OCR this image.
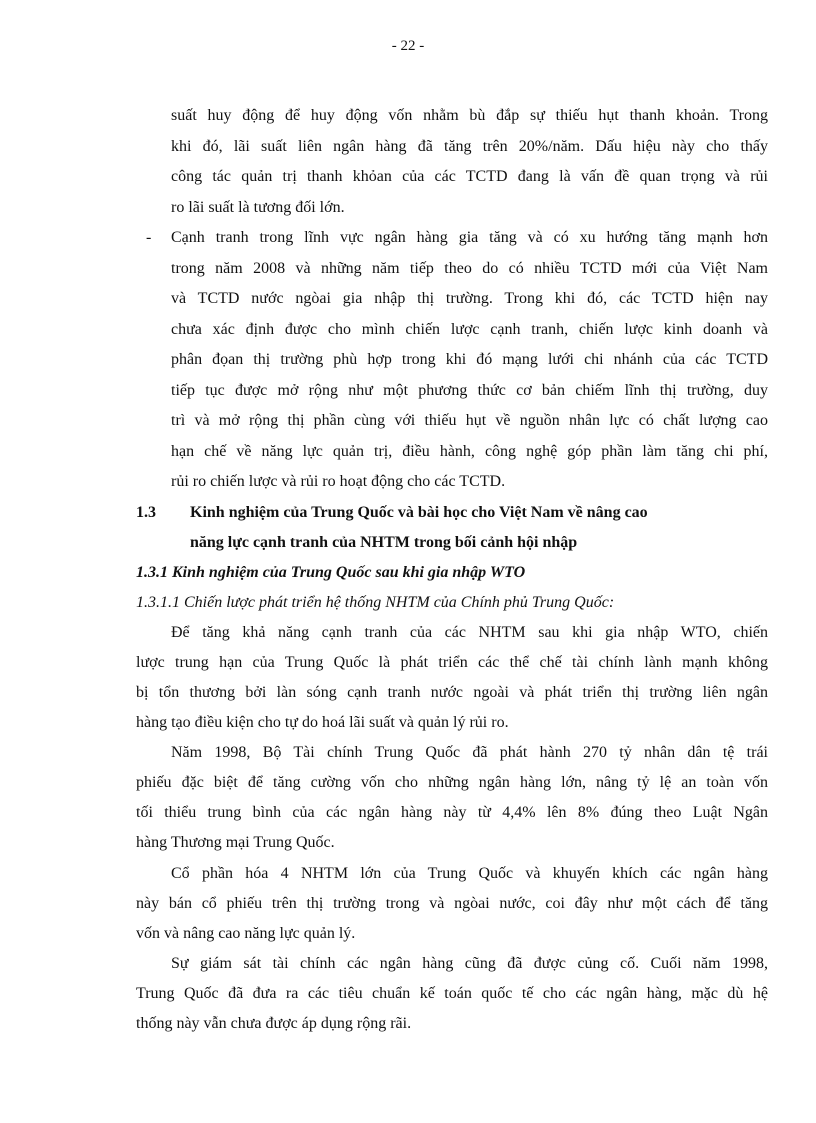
- 22 -

suất huy động để huy động vốn nhằm bù đắp sự thiếu hụt thanh khoản. Trong

khi đó, lãi suất liên ngân hàng đã tăng trên 20%/năm. Dấu hiệu này cho thấy

công tác quản trị thanh khỏan của các TCTD đang là vấn đề quan trọng và rủi

ro lãi suất là tương đối lớn.

- Cạnh tranh trong lĩnh vực ngân hàng gia tăng và có xu hướng tăng mạnh hơn

trong năm 2008 và những năm tiếp theo do có nhiều TCTD mới của Việt Nam

và TCTD nước ngòai gia nhập thị trường. Trong khi đó, các TCTD hiện nay

chưa xác định được cho mình chiến lược cạnh tranh, chiến lược kinh doanh và

phân đọan thị trường phù hợp trong khi đó mạng lưới chi nhánh của các TCTD

tiếp tục được mở rộng như một phương thức cơ bản chiếm lĩnh thị trường, duy

trì và mở rộng thị phần cùng với thiếu hụt về nguồn nhân lực có chất lượng cao

hạn chế về năng lực quản trị, điều hành, công nghệ góp phần làm tăng chi phí,

rủi ro chiến lược và rủi ro hoạt động cho các TCTD.

1.3 Kinh nghiệm của Trung Quốc và bài học cho Việt Nam về nâng cao

năng lực cạnh tranh của NHTM trong bối cảnh hội nhập

1.3.1 Kinh nghiệm của Trung Quốc sau khi gia nhập WTO

1.3.1.1 Chiến lược phát triển hệ thống NHTM của Chính phủ Trung Quốc:

Để tăng khả năng cạnh tranh của các NHTM sau khi gia nhập WTO, chiến

lược trung hạn của Trung Quốc là phát triển các thể chế tài chính lành mạnh không

bị tổn thương bởi làn sóng cạnh tranh nước ngoài và phát triển thị trường liên ngân

hàng tạo điều kiện cho tự do hoá lãi suất và quản lý rủi ro.

Năm 1998, Bộ Tài chính Trung Quốc đã phát hành 270 tỷ nhân dân tệ trái

phiếu đặc biệt để tăng cường vốn cho những ngân hàng lớn, nâng tỷ lệ an toàn vốn

tối thiểu trung bình của các ngân hàng này từ 4,4% lên 8% đúng theo Luật Ngân

hàng Thương mại Trung Quốc.

Cổ phần hóa 4 NHTM lớn của Trung Quốc và khuyến khích các ngân hàng

này bán cổ phiếu trên thị trường trong và ngòai nước, coi đây như một cách để tăng

vốn và nâng cao năng lực quản lý.

Sự giám sát tài chính các ngân hàng cũng đã được củng cố. Cuối năm 1998,

Trung Quốc đã đưa ra các tiêu chuẩn kế toán quốc tế cho các ngân hàng, mặc dù hệ

thống này vẫn chưa được áp dụng rộng rãi.
